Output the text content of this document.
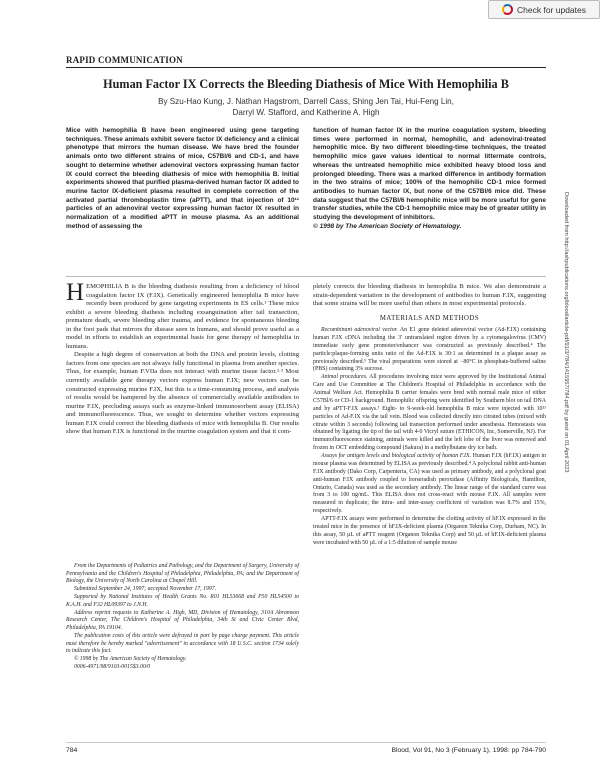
Check for updates
Downloaded from http://ashpublications.org/blood/article-pdf/91/3/784/1415957/784.pdf by guest on 01 April 2023
RAPID COMMUNICATION
Human Factor IX Corrects the Bleeding Diathesis of Mice With Hemophilia B
By Szu-Hao Kung, J. Nathan Hagstrom, Darrell Cass, Shing Jen Tai, Hui-Feng Lin,
Darryl W. Stafford, and Katherine A. High
Mice with hemophilia B have been engineered using gene targeting techniques. These animals exhibit severe factor IX deficiency and a clinical phenotype that mirrors the human disease. We have bred the founder animals onto two different strains of mice, C57Bl/6 and CD-1, and have sought to determine whether adenoviral vectors expressing human factor IX could correct the bleeding diathesis of mice with hemophilia B. Initial experiments showed that purified plasma-derived human factor IX added to murine factor IX-deficient plasma resulted in complete correction of the activated partial thromboplastin time (aPTT), and that injection of 10¹¹ particles of an adenoviral vector expressing human factor IX resulted in normalization of a modified aPTT in mouse plasma. As an additional method of assessing the
function of human factor IX in the murine coagulation system, bleeding times were performed in normal, hemophilic, and adenoviral-treated hemophilic mice. By two different bleeding-time techniques, the treated hemophilic mice gave values identical to normal littermate controls, whereas the untreated hemophilic mice exhibited heavy blood loss and prolonged bleeding. There was a marked difference in antibody formation in the two strains of mice; 100% of the hemophilic CD-1 mice formed antibodies to human factor IX, but none of the C57Bl/6 mice did. These data suggest that the C57Bl/6 hemophilic mice will be more useful for gene transfer studies, while the CD-1 hemophilic mice may be of greater utility in studying the development of inhibitors.
© 1998 by The American Society of Hematology.
H EMOPHILIA B is the bleeding diathesis resulting from a deficiency of blood coagulation factor IX (F.IX). Genetically engineered hemophilia B mice have recently been produced by gene targeting experiments in ES cells.¹ These mice exhibit a severe bleeding diathesis including exsanguination after tail transection, premature death, severe bleeding after trauma, and evidence for spontaneous bleeding in the foot pads that mirrors the disease seen in humans, and should prove useful as a model in efforts to establish an experimental basis for gene therapy of hemophilia in humans.

Despite a high degree of conservation at both the DNA and protein levels, clotting factors from one species are not always fully functional in plasma from another species. Thus, for example, human F.VIIa does not interact with murine tissue factor.²·³ Most currently available gene therapy vectors express human F.IX; new vectors can be constructed expressing murine F.IX, but this is a time-consuming process, and analysis of results would be hampered by the absence of commercially available antibodies to murine F.IX, precluding assays such as enzyme-linked immunosorbent assay (ELISA) and immunofluorescence. Thus, we sought to determine whether vectors expressing human F.IX could correct the bleeding diathesis of mice with hemophilia B. Our results show that human F.IX is functional in the murine coagulation system and that it com-

From the Departments of Pediatrics and Pathology, and the Department of Surgery, University of Pennsylvania and the Children's Hospital of Philadelphia, Philadelphia, PA; and the Department of Biology, the University of North Carolina at Chapel Hill.

Submitted September 24, 1997; accepted November 17, 1997.

Supported by National Institutes of Health Grants No. R01 HL53668 and P50 HL54500 to K.A.H. and F32 HL09397 to J.N.H.

Address reprint requests to Katherine A. High, MD, Division of Hematology, 310A Abramson Research Center, The Children's Hospital of Philadelphia, 34th St and Civic Center Blvd, Philadelphia, PA 19104.

The publication costs of this article were defrayed in part by page charge payment. This article must therefore be hereby marked "advertisement" in accordance with 18 U.S.C. section 1734 solely to indicate this fact.

© 1998 by The American Society of Hematology.

0006-4971/98/9103-0015$3.00/0

pletely corrects the bleeding diathesis in hemophilia B mice. We also demonstrate a strain-dependent variation in the development of antibodies to human F.IX, suggesting that some strains will be more useful than others in most experimental protocols.
MATERIALS AND METHODS

Recombinant adenoviral vector. An E1 gene deleted adenoviral vector (Ad-F.IX) containing human F.IX cDNA including the 3' untranslated region driven by a cytomegalovirus (CMV) immediate early gene promoter/enhancer was constructed as previously described.⁴ The particle:plaque-forming units ratio of the Ad-F.IX is 30:1 as determined in a plaque assay as previously described.⁵ The viral preparations were stored at −80°C in phosphate-buffered saline (PBS) containing 3% sucrose.

Animal procedures. All procedures involving mice were approved by the Institutional Animal Care and Use Committee at The Children's Hospital of Philadelphia in accordance with the Animal Welfare Act. Hemophilia B carrier females were bred with normal male mice of either C57Bl/6 or CD-1 background. Hemophilic offspring were identified by Southern blot on tail DNA and by aPTT-F.IX assays.¹ Eight- to 9-week-old hemophilia B mice were injected with 10¹¹ particles of Ad-F.IX via the tail vein. Blood was collected directly into citrated tubes (mixed with citrate within 3 seconds) following tail transection performed under anesthesia. Hemostasis was obtained by ligating the tip of the tail with 4-0 Vicryl suture (ETHICON, Inc, Somerville, NJ). For immunofluorescence staining, animals were killed and the left lobe of the liver was removed and frozen in OCT embedding compound (Sakura) in a methylbutane dry ice bath.

Assays for antigen levels and biological activity of human F.IX. Human F.IX (hF.IX) antigen in mouse plasma was determined by ELISA as previously described.⁴ A polyclonal rabbit anti-human F.IX antibody (Dako Corp, Carpenteria, CA) was used as primary antibody, and a polyclonal goat anti-human F.IX antibody coupled to horseradish peroxidase (Affinity Biologicals, Hamilton, Ontario, Canada) was used as the secondary antibody. The linear range of the standard curve was from 3 to 100 ng/mL. This ELISA does not cross-react with mouse F.IX. All samples were measured in duplicate; the intra- and inter-assay coefficient of variation was 8.7% and 15%, respectively.

APTT-F.IX assays were performed to determine the clotting activity of hF.IX expressed in the treated mice in the presence of hF.IX-deficient plasma (Organon Teknika Corp, Durham, NC). In this assay, 50 µL of aPTT reagent (Organon Teknika Corp) and 50 µL of hF.IX-deficient plasma were incubated with 50 µL of a 1:5 dilution of sample mouse

784	Blood, Vol 91, No 3 (February 1), 1998: pp 784-790
